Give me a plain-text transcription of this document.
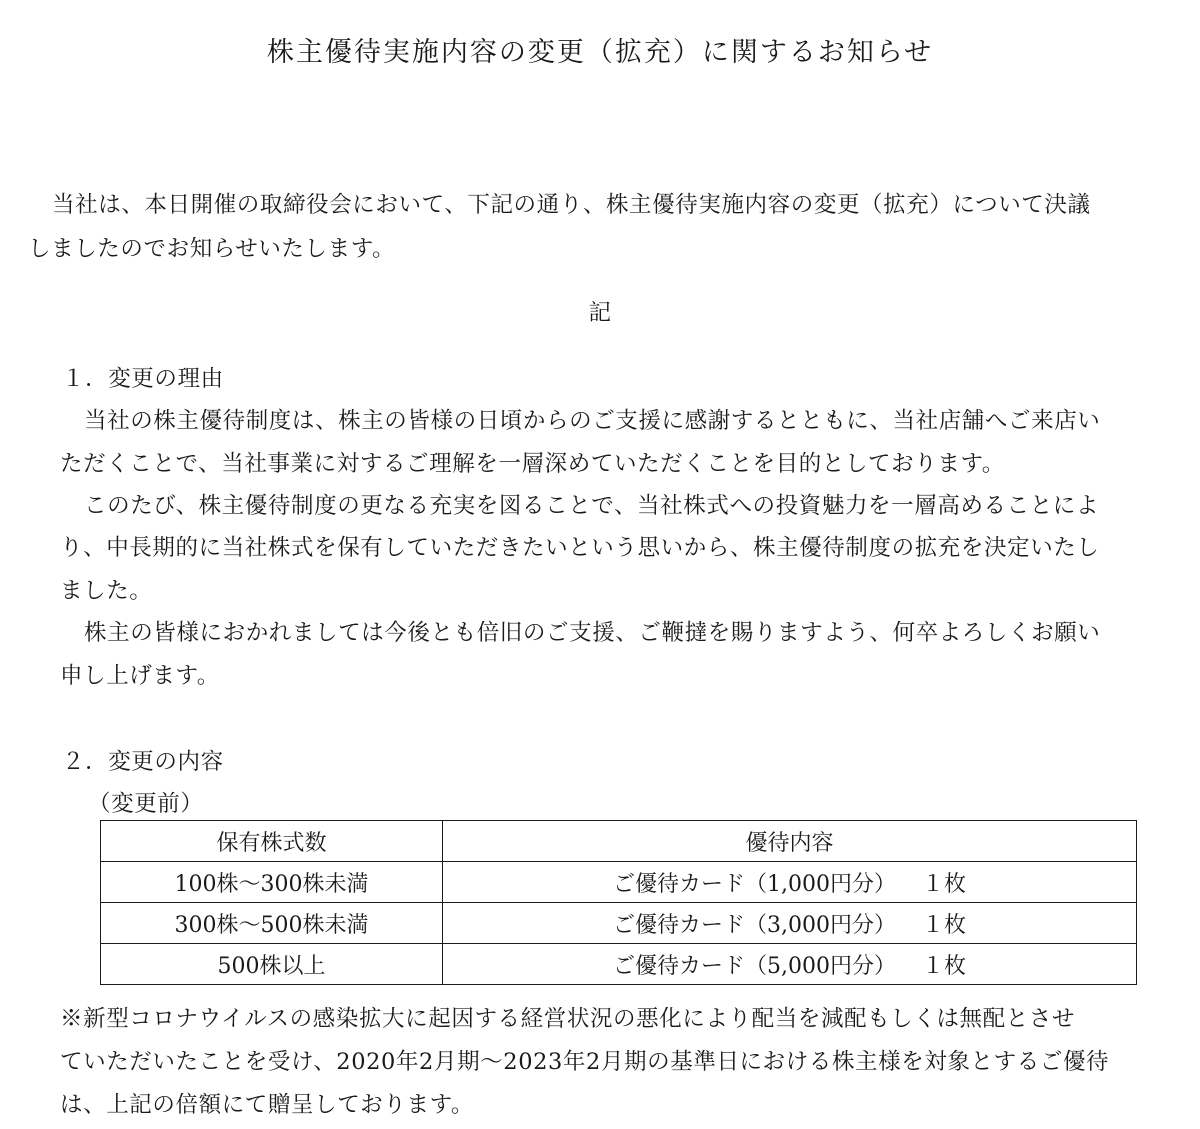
株主優待実施内容の変更（拡充）に関するお知らせ
当社は、本日開催の取締役会において、下記の通り、株主優待実施内容の変更（拡充）について決議
しましたのでお知らせいたします。
記
１．変更の理由
当社の株主優待制度は、株主の皆様の日頃からのご支援に感謝するとともに、当社店舗へご来店い
ただくことで、当社事業に対するご理解を一層深めていただくことを目的としております。
このたび、株主優待制度の更なる充実を図ることで、当社株式への投資魅力を一層高めることによ
り、中長期的に当社株式を保有していただきたいという思いから、株主優待制度の拡充を決定いたし
ました。
株主の皆様におかれましては今後とも倍旧のご支援、ご鞭撻を賜りますよう、何卒よろしくお願い
申し上げます。
２．変更の内容
（変更前）
保有株式数	優待内容
100株～300株未満	ご優待カード（1,000円分） １枚
300株～500株未満	ご優待カード（3,000円分） １枚
500株以上	ご優待カード（5,000円分） １枚
※新型コロナウイルスの感染拡大に起因する経営状況の悪化により配当を減配もしくは無配とさせ
ていただいたことを受け、2020年2月期～2023年2月期の基準日における株主様を対象とするご優待
は、上記の倍額にて贈呈しております。
